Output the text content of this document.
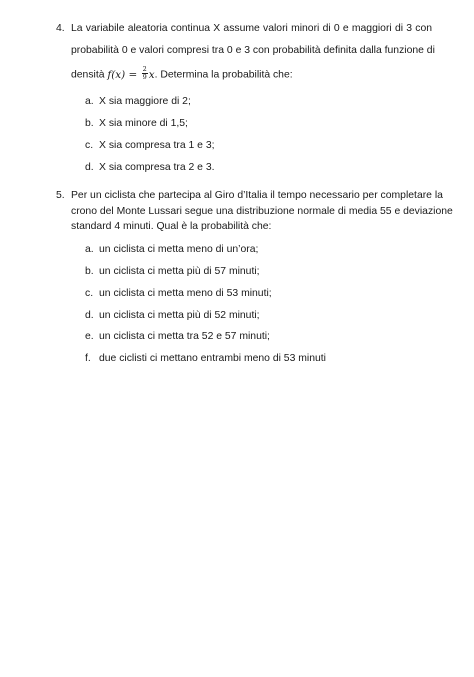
4. La variabile aleatoria continua X assume valori minori di 0 e maggiori di 3 con
probabilità 0 e valori compresi tra 0 e 3 con probabilità definita dalla funzione di
densità $f(x) = \frac{2}{9} x$. Determina la probabilità che:
a. X sia maggiore di 2;
b. X sia minore di 1,5;
c. X sia compresa tra 1 e 3;
d. X sia compresa tra 2 e 3.
5. Per un ciclista che partecipa al Giro d’Italia il tempo necessario per completare la
crono del Monte Lussari segue una distribuzione normale di media 55 e deviazione
standard 4 minuti. Qual è la probabilità che:
a. un ciclista ci metta meno di un’ora;
b. un ciclista ci metta più di 57 minuti;
c. un ciclista ci metta meno di 53 minuti;
d. un ciclista ci metta più di 52 minuti;
e. un ciclista ci metta tra 52 e 57 minuti;
f. due ciclisti ci mettano entrambi meno di 53 minuti
